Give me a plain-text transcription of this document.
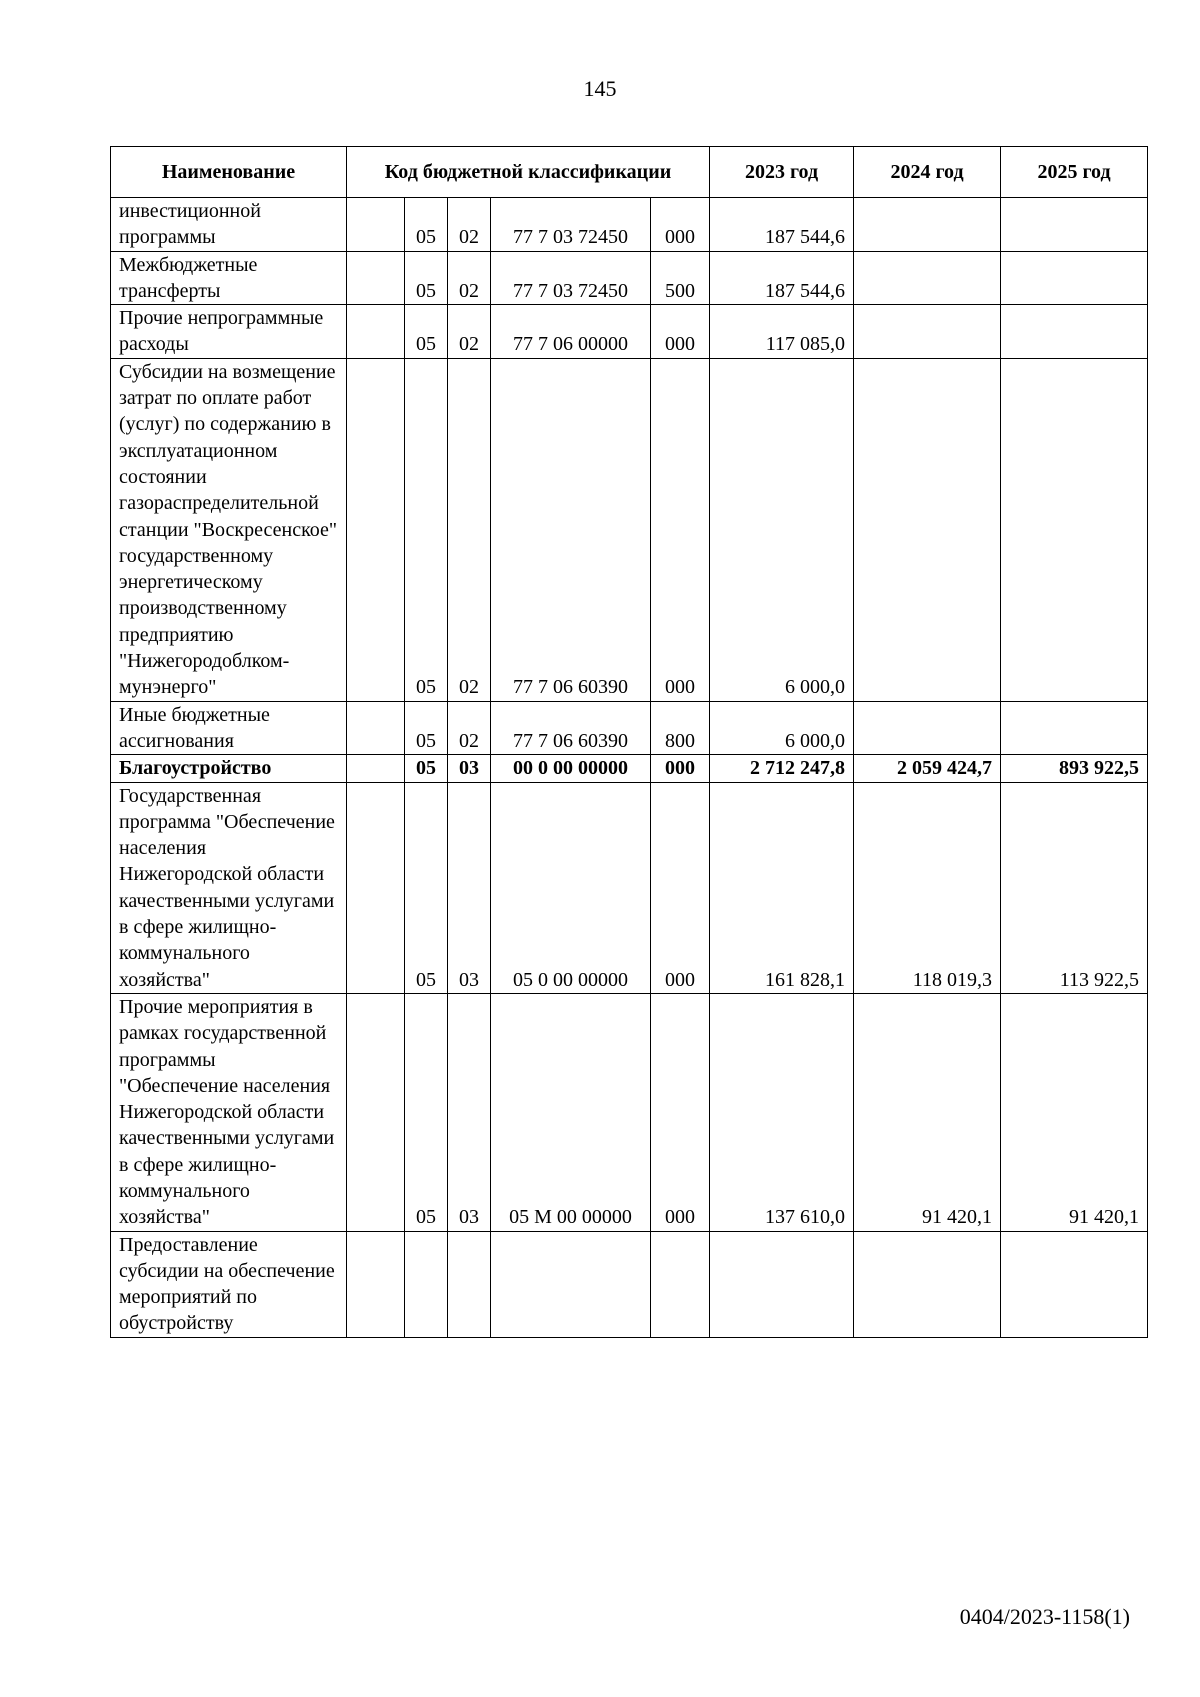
145
Наименование	Код бюджетной классификации					2023 год	2024 год	2025 год
инвестиционной программы		05	02	77 7 03 72450	000	187 544,6		
Межбюджетные трансферты		05	02	77 7 03 72450	500	187 544,6		
Прочие непрограммные расходы		05	02	77 7 06 00000	000	117 085,0		
Субсидии на возмещение затрат по оплате работ (услуг) по содержанию в эксплуатационном состоянии газораспределительной станции "Воскресенское" государственному энергетическому производственному предприятию "Нижегородоблком-мунэнерго"		05	02	77 7 06 60390	000	6 000,0		
Иные бюджетные ассигнования		05	02	77 7 06 60390	800	6 000,0		
Благоустройство		05	03	00 0 00 00000	000	2 712 247,8	2 059 424,7	893 922,5
Государственная программа "Обеспечение населения Нижегородской области качественными услугами в сфере жилищно-коммунального хозяйства"		05	03	05 0 00 00000	000	161 828,1	118 019,3	113 922,5
Прочие мероприятия в рамках государственной программы "Обеспечение населения Нижегородской области качественными услугами в сфере жилищно-коммунального хозяйства"		05	03	05 М 00 00000	000	137 610,0	91 420,1	91 420,1
Предоставление субсидии на обеспечение мероприятий по обустройству								
0404/2023-1158(1)
